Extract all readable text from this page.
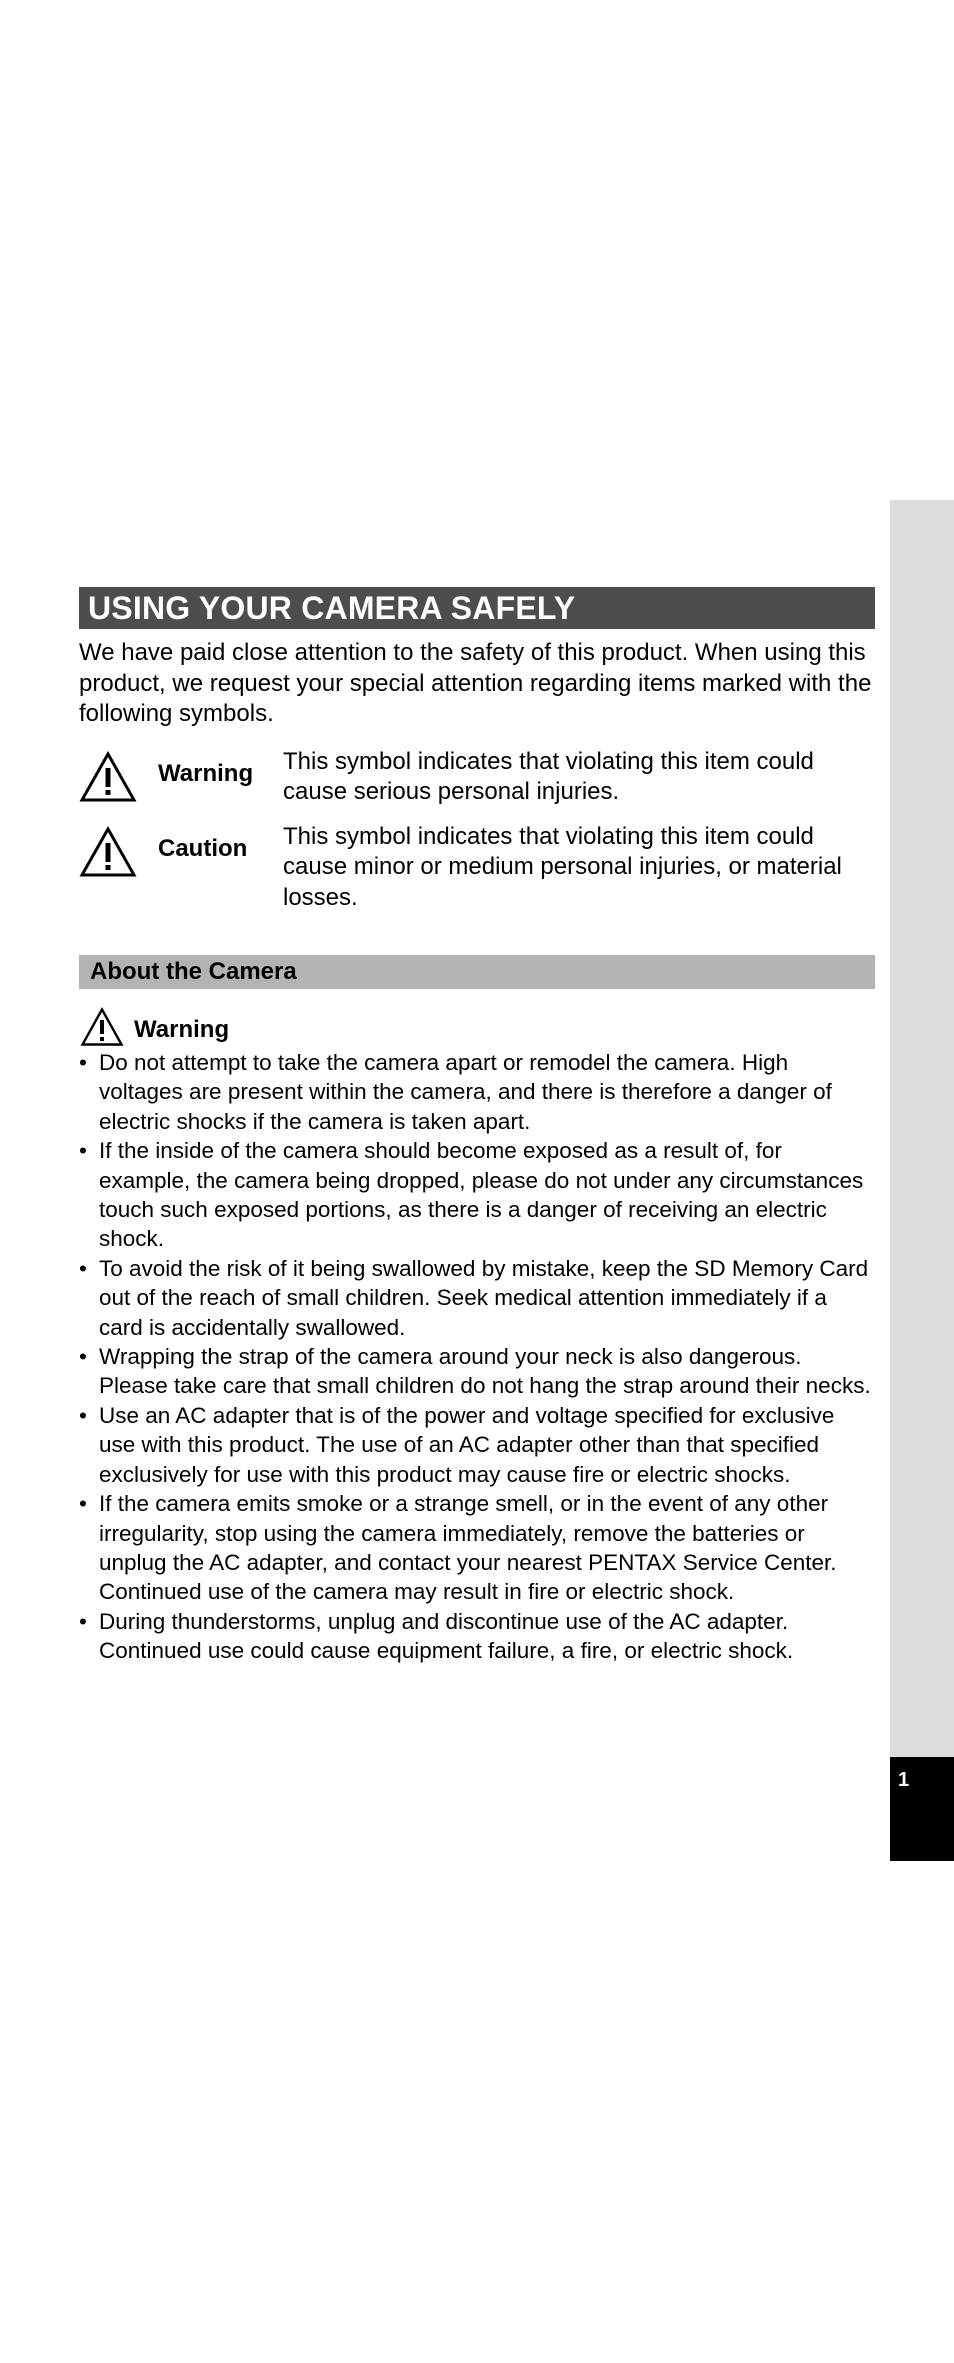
1
USING YOUR CAMERA SAFELY
We have paid close attention to the safety of this product. When using this product, we request your special attention regarding items marked with the following symbols.
Warning	This symbol indicates that violating this item could cause serious personal injuries.
Caution	This symbol indicates that violating this item could cause minor or medium personal injuries, or material losses.
About the Camera
Warning
• Do not attempt to take the camera apart or remodel the camera. High voltages are present within the camera, and there is therefore a danger of electric shocks if the camera is taken apart.
• If the inside of the camera should become exposed as a result of, for example, the camera being dropped, please do not under any circumstances touch such exposed portions, as there is a danger of receiving an electric shock.
• To avoid the risk of it being swallowed by mistake, keep the SD Memory Card out of the reach of small children. Seek medical attention immediately if a card is accidentally swallowed.
• Wrapping the strap of the camera around your neck is also dangerous. Please take care that small children do not hang the strap around their necks.
• Use an AC adapter that is of the power and voltage specified for exclusive use with this product. The use of an AC adapter other than that specified exclusively for use with this product may cause fire or electric shocks.
• If the camera emits smoke or a strange smell, or in the event of any other irregularity, stop using the camera immediately, remove the batteries or unplug the AC adapter, and contact your nearest PENTAX Service Center. Continued use of the camera may result in fire or electric shock.
• During thunderstorms, unplug and discontinue use of the AC adapter. Continued use could cause equipment failure, a fire, or electric shock.
